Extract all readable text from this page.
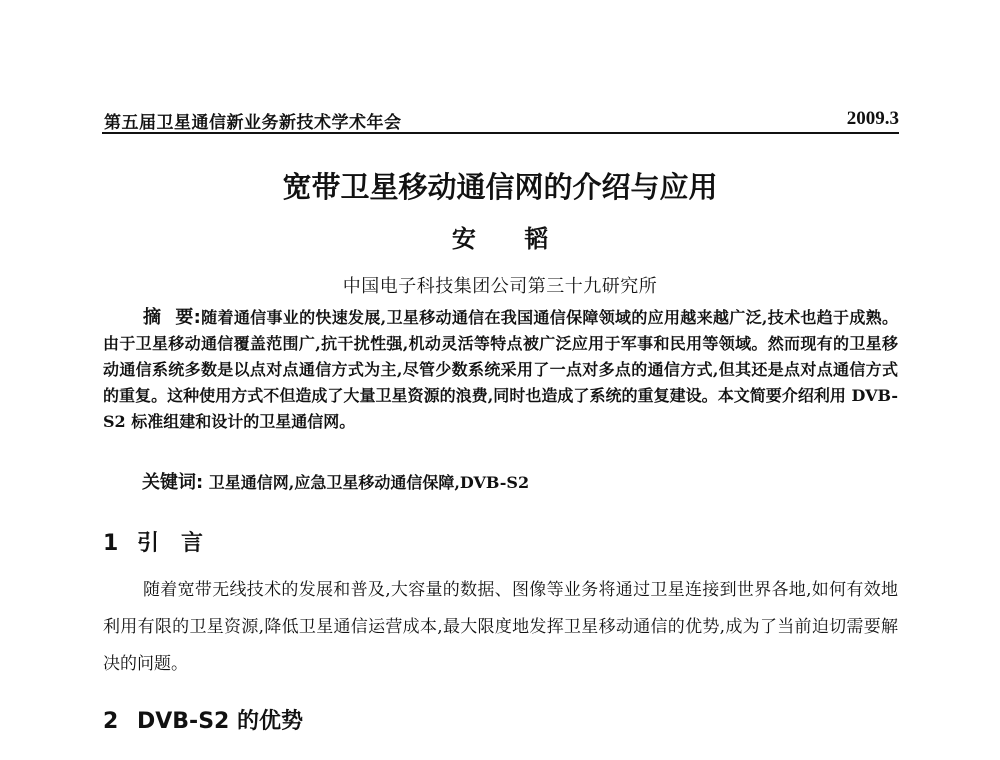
第五届卫星通信新业务新技术学术年会	2009.3
宽带卫星移动通信网的介绍与应用
安 韬
中国电子科技集团公司第三十九研究所

摘要:随着通信事业的快速发展,卫星移动通信在我国通信保障领域的应用越来越广泛,技术也趋于成熟。由于卫星移动通信覆盖范围广,抗干扰性强,机动灵活等特点被广泛应用于军事和民用等领域。然而现有的卫星移动通信系统多数是以点对点通信方式为主,尽管少数系统采用了一点对多点的通信方式,但其还是点对点通信方式的重复。这种使用方式不但造成了大量卫星资源的浪费,同时也造成了系统的重复建设。本文简要介绍利用 DVB-S2 标准组建和设计的卫星通信网。

关键词: 卫星通信网,应急卫星移动通信保障,DVB-S2
1 引言

随着宽带无线技术的发展和普及,大容量的数据、图像等业务将通过卫星连接到世界各地,如何有效地利用有限的卫星资源,降低卫星通信运营成本,最大限度地发挥卫星移动通信的优势,成为了当前迫切需要解决的问题。

2 DVB-S2 的优势
